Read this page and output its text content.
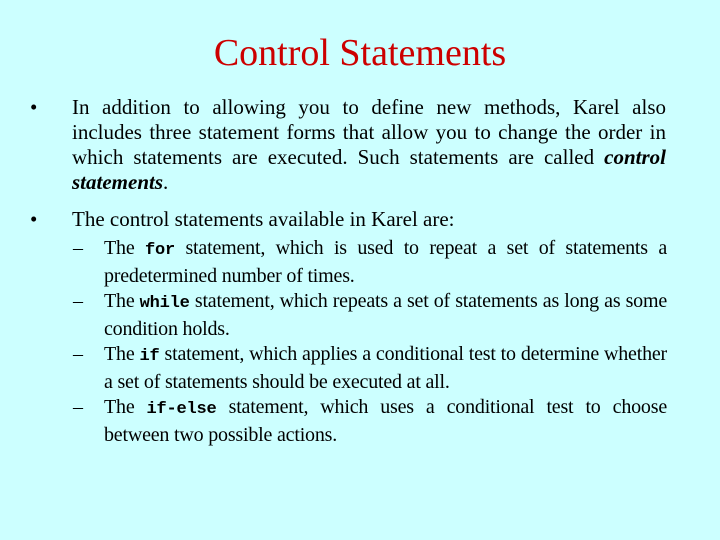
Control Statements
•	In addition to allowing you to define new methods, Karel also includes three statement forms that allow you to change the order in which statements are executed. Such statements are called control statements.
•	The control statements available in Karel are:
–	The for statement, which is used to repeat a set of statements a predetermined number of times.
–	The while statement, which repeats a set of statements as long as some condition holds.
–	The if statement, which applies a conditional test to determine whether a set of statements should be executed at all.
–	The if-else statement, which uses a conditional test to choose between two possible actions.
